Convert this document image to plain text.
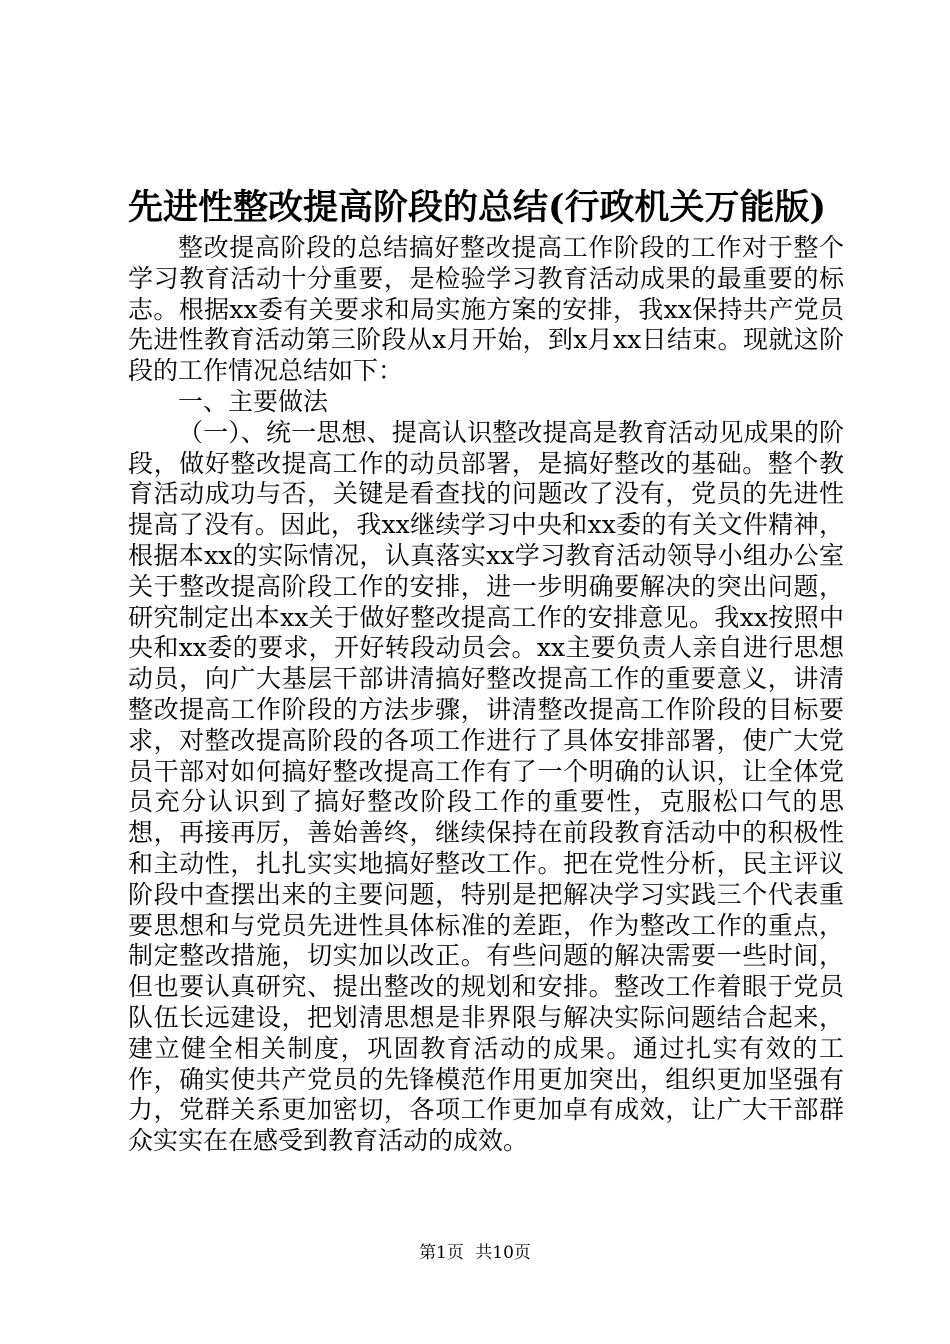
先进性整改提高阶段的总结(行政机关万能版)

整改提高阶段的总结搞好整改提高工作阶段的工作对于整个学习教育活动十分重要，是检验学习教育活动成果的最重要的标志。根据xx委有关要求和局实施方案的安排，我xx保持共产党员先进性教育活动第三阶段从x月开始，到x月xx日结束。现就这阶段的工作情况总结如下：

一、主要做法

（一）、统一思想、提高认识整改提高是教育活动见成果的阶段，做好整改提高工作的动员部署，是搞好整改的基础。整个教育活动成功与否，关键是看查找的问题改了没有，党员的先进性提高了没有。因此，我xx继续学习中央和xx委的有关文件精神，根据本xx的实际情况，认真落实xx学习教育活动领导小组办公室关于整改提高阶段工作的安排，进一步明确要解决的突出问题，研究制定出本xx关于做好整改提高工作的安排意见。我xx按照中央和xx委的要求，开好转段动员会。xx主要负责人亲自进行思想动员，向广大基层干部讲清搞好整改提高工作的重要意义，讲清整改提高工作阶段的方法步骤，讲清整改提高工作阶段的目标要求，对整改提高阶段的各项工作进行了具体安排部署，使广大党员干部对如何搞好整改提高工作有了一个明确的认识，让全体党员充分认识到了搞好整改阶段工作的重要性，克服松口气的思想，再接再厉，善始善终，继续保持在前段教育活动中的积极性和主动性，扎扎实实地搞好整改工作。把在党性分析，民主评议阶段中查摆出来的主要问题，特别是把解决学习实践三个代表重要思想和与党员先进性具体标准的差距，作为整改工作的重点，制定整改措施，切实加以改正。有些问题的解决需要一些时间，但也要认真研究、提出整改的规划和安排。整改工作着眼于党员队伍长远建设，把划清思想是非界限与解决实际问题结合起来，建立健全相关制度，巩固教育活动的成果。通过扎实有效的工作，确实使共产党员的先锋模范作用更加突出，组织更加坚强有力，党群关系更加密切，各项工作更加卓有成效，让广大干部群众实实在在感受到教育活动的成效。

第1页 共10页
